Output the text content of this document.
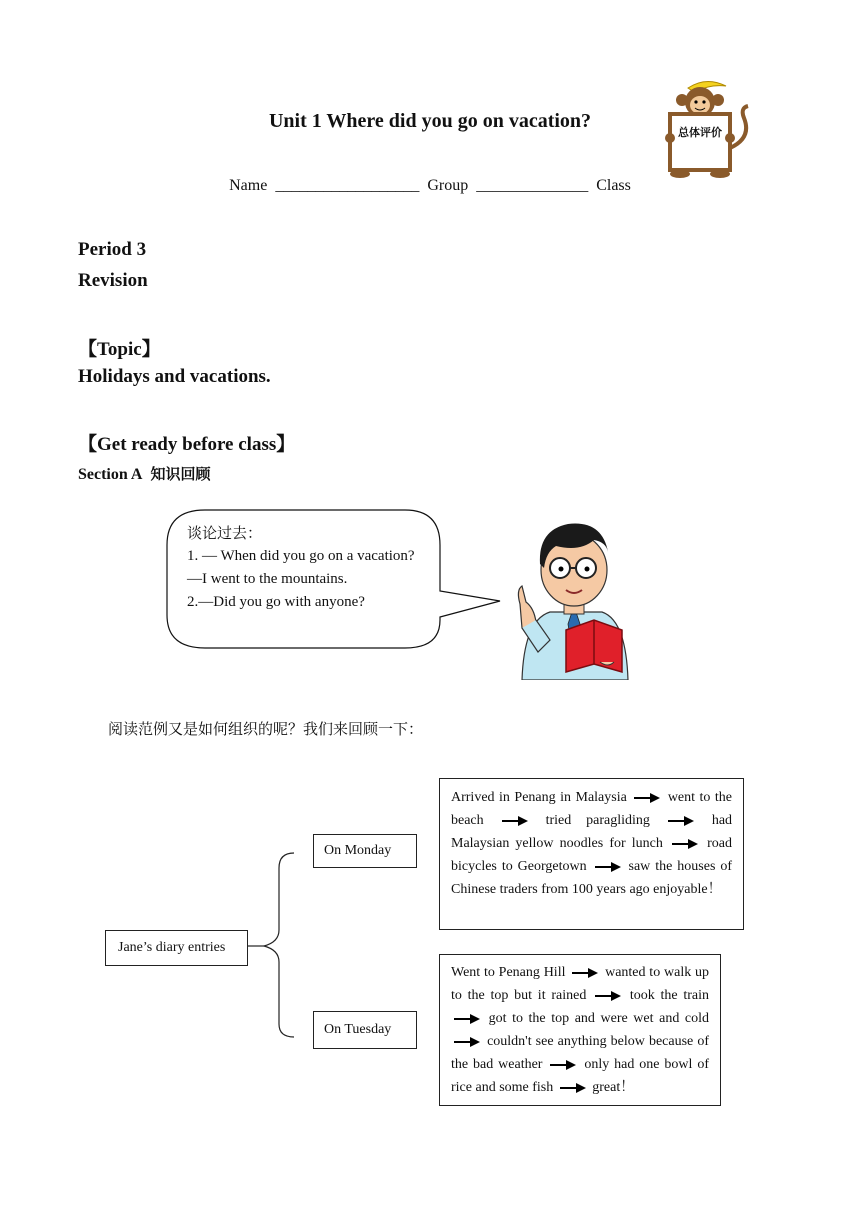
Unit 1 Where did you go on vacation?
Name  __________________  Group  ______________  Class
总体评价
Period 3
Revision
【Topic】
Holidays and vacations.
【Get ready before class】
Section A 知识回顾
谈论过去：
1. — When did you go on a vacation?
—I went to the mountains.
2.—Did you go with anyone?
阅读范例又是如何组织的呢？我们来回顾一下：
Jane’s diary entries
On Monday
On Tuesday
Arrived in Penang in Malaysia	went to the beach	tried paragliding	had Malaysian yellow noodles for lunch	road bicycles to Georgetown	saw the houses of Chinese traders from 100 years ago enjoyable！
Went to Penang Hill	wanted to walk up to the top but it rained	took the train  got to the top and were wet and cold  couldn't see anything below because of the bad weather	only had one bowl of rice and some fish	great！
